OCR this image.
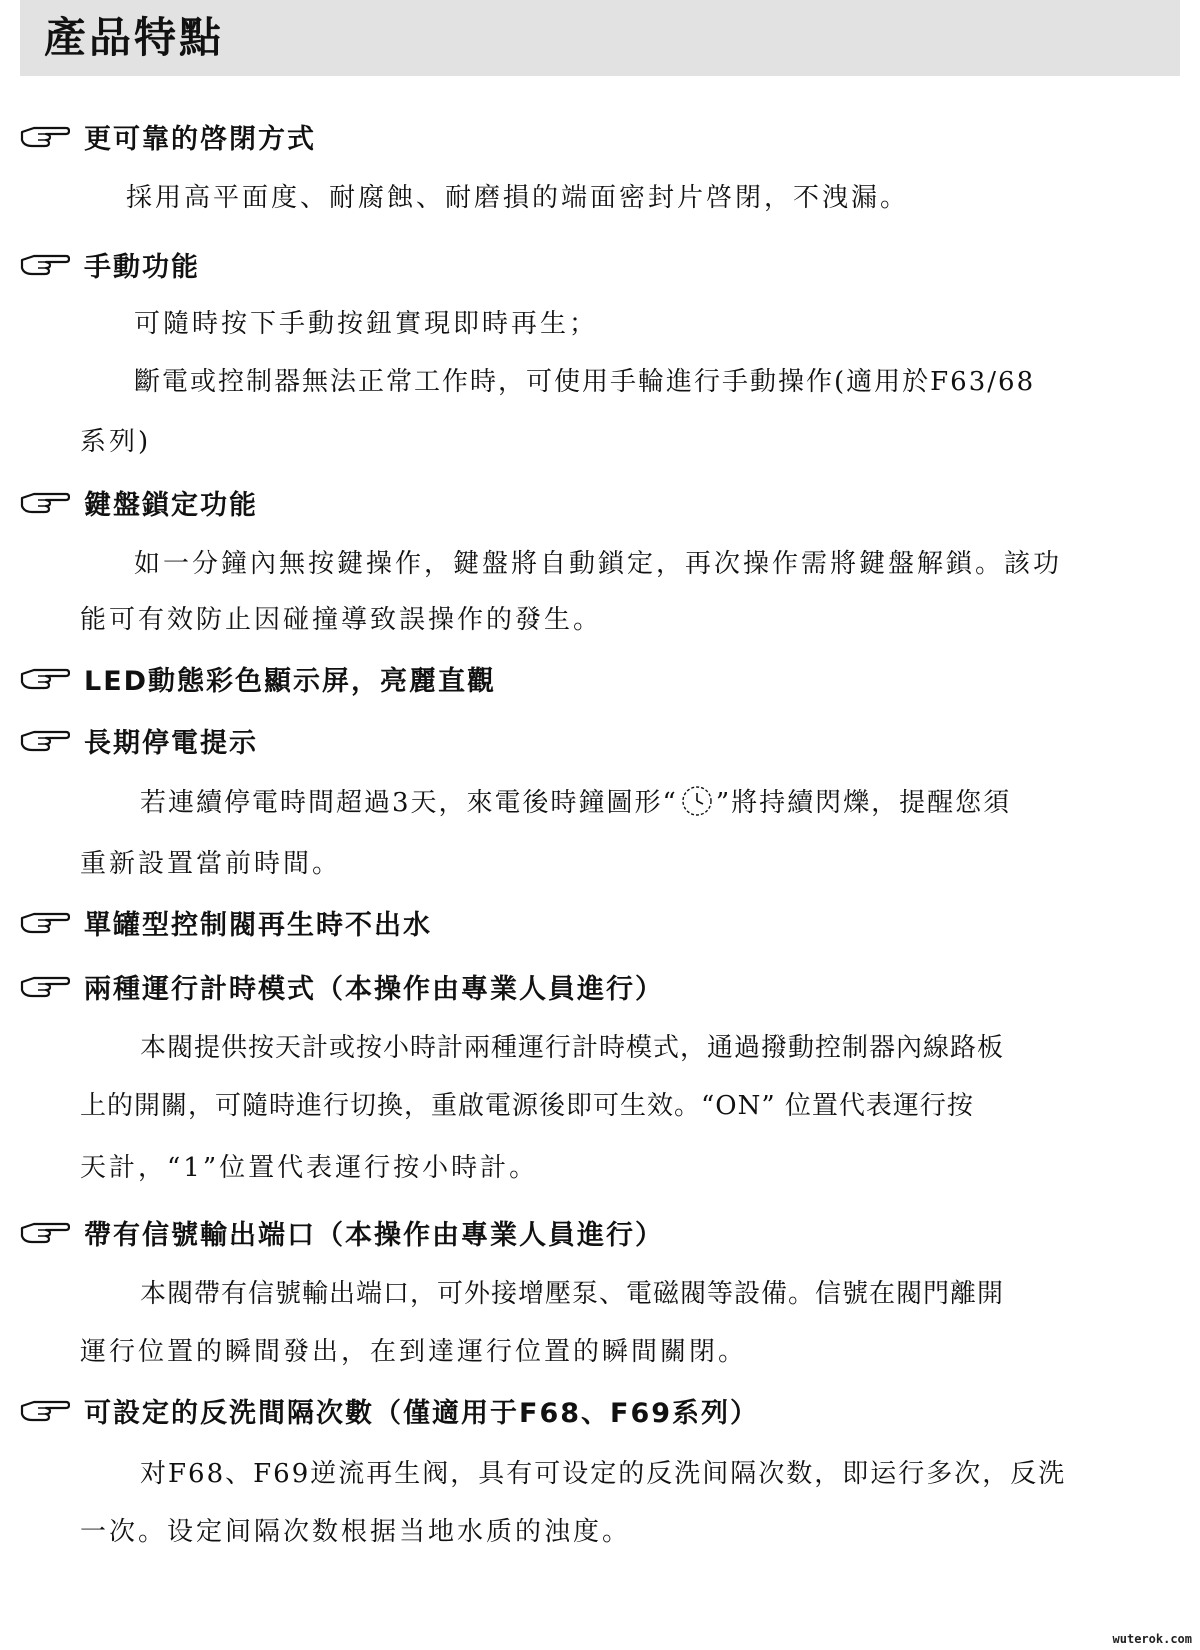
產品特點
更可靠的啓閉方式
採用高平面度、耐腐蝕、耐磨損的端面密封片啓閉，不洩漏。
手動功能
可隨時按下手動按鈕實現即時再生；
斷電或控制器無法正常工作時，可使用手輪進行手動操作(適用於F63/68
系列)
鍵盤鎖定功能
如一分鐘內無按鍵操作，鍵盤將自動鎖定，再次操作需將鍵盤解鎖。該功
能可有效防止因碰撞導致誤操作的發生。
LED動態彩色顯示屏，亮麗直觀
長期停電提示
若連續停電時間超過3天，來電後時鐘圖形“ ”將持續閃爍，提醒您須
重新設置當前時間。
單罐型控制閥再生時不出水
兩種運行計時模式（本操作由專業人員進行）
本閥提供按天計或按小時計兩種運行計時模式，通過撥動控制器內線路板
上的開關，可隨時進行切換，重啟電源後即可生效。“ON” 位置代表運行按
天計，“1”位置代表運行按小時計。
帶有信號輸出端口（本操作由專業人員進行）
本閥帶有信號輸出端口，可外接增壓泵、電磁閥等設備。信號在閥門離開
運行位置的瞬間發出，在到達運行位置的瞬間關閉。
可設定的反洗間隔次數（僅適用于F68、F69系列）
对F68、F69逆流再生阀，具有可设定的反洗间隔次数，即运行多次，反洗
一次。设定间隔次数根据当地水质的浊度。
wuterok.com
